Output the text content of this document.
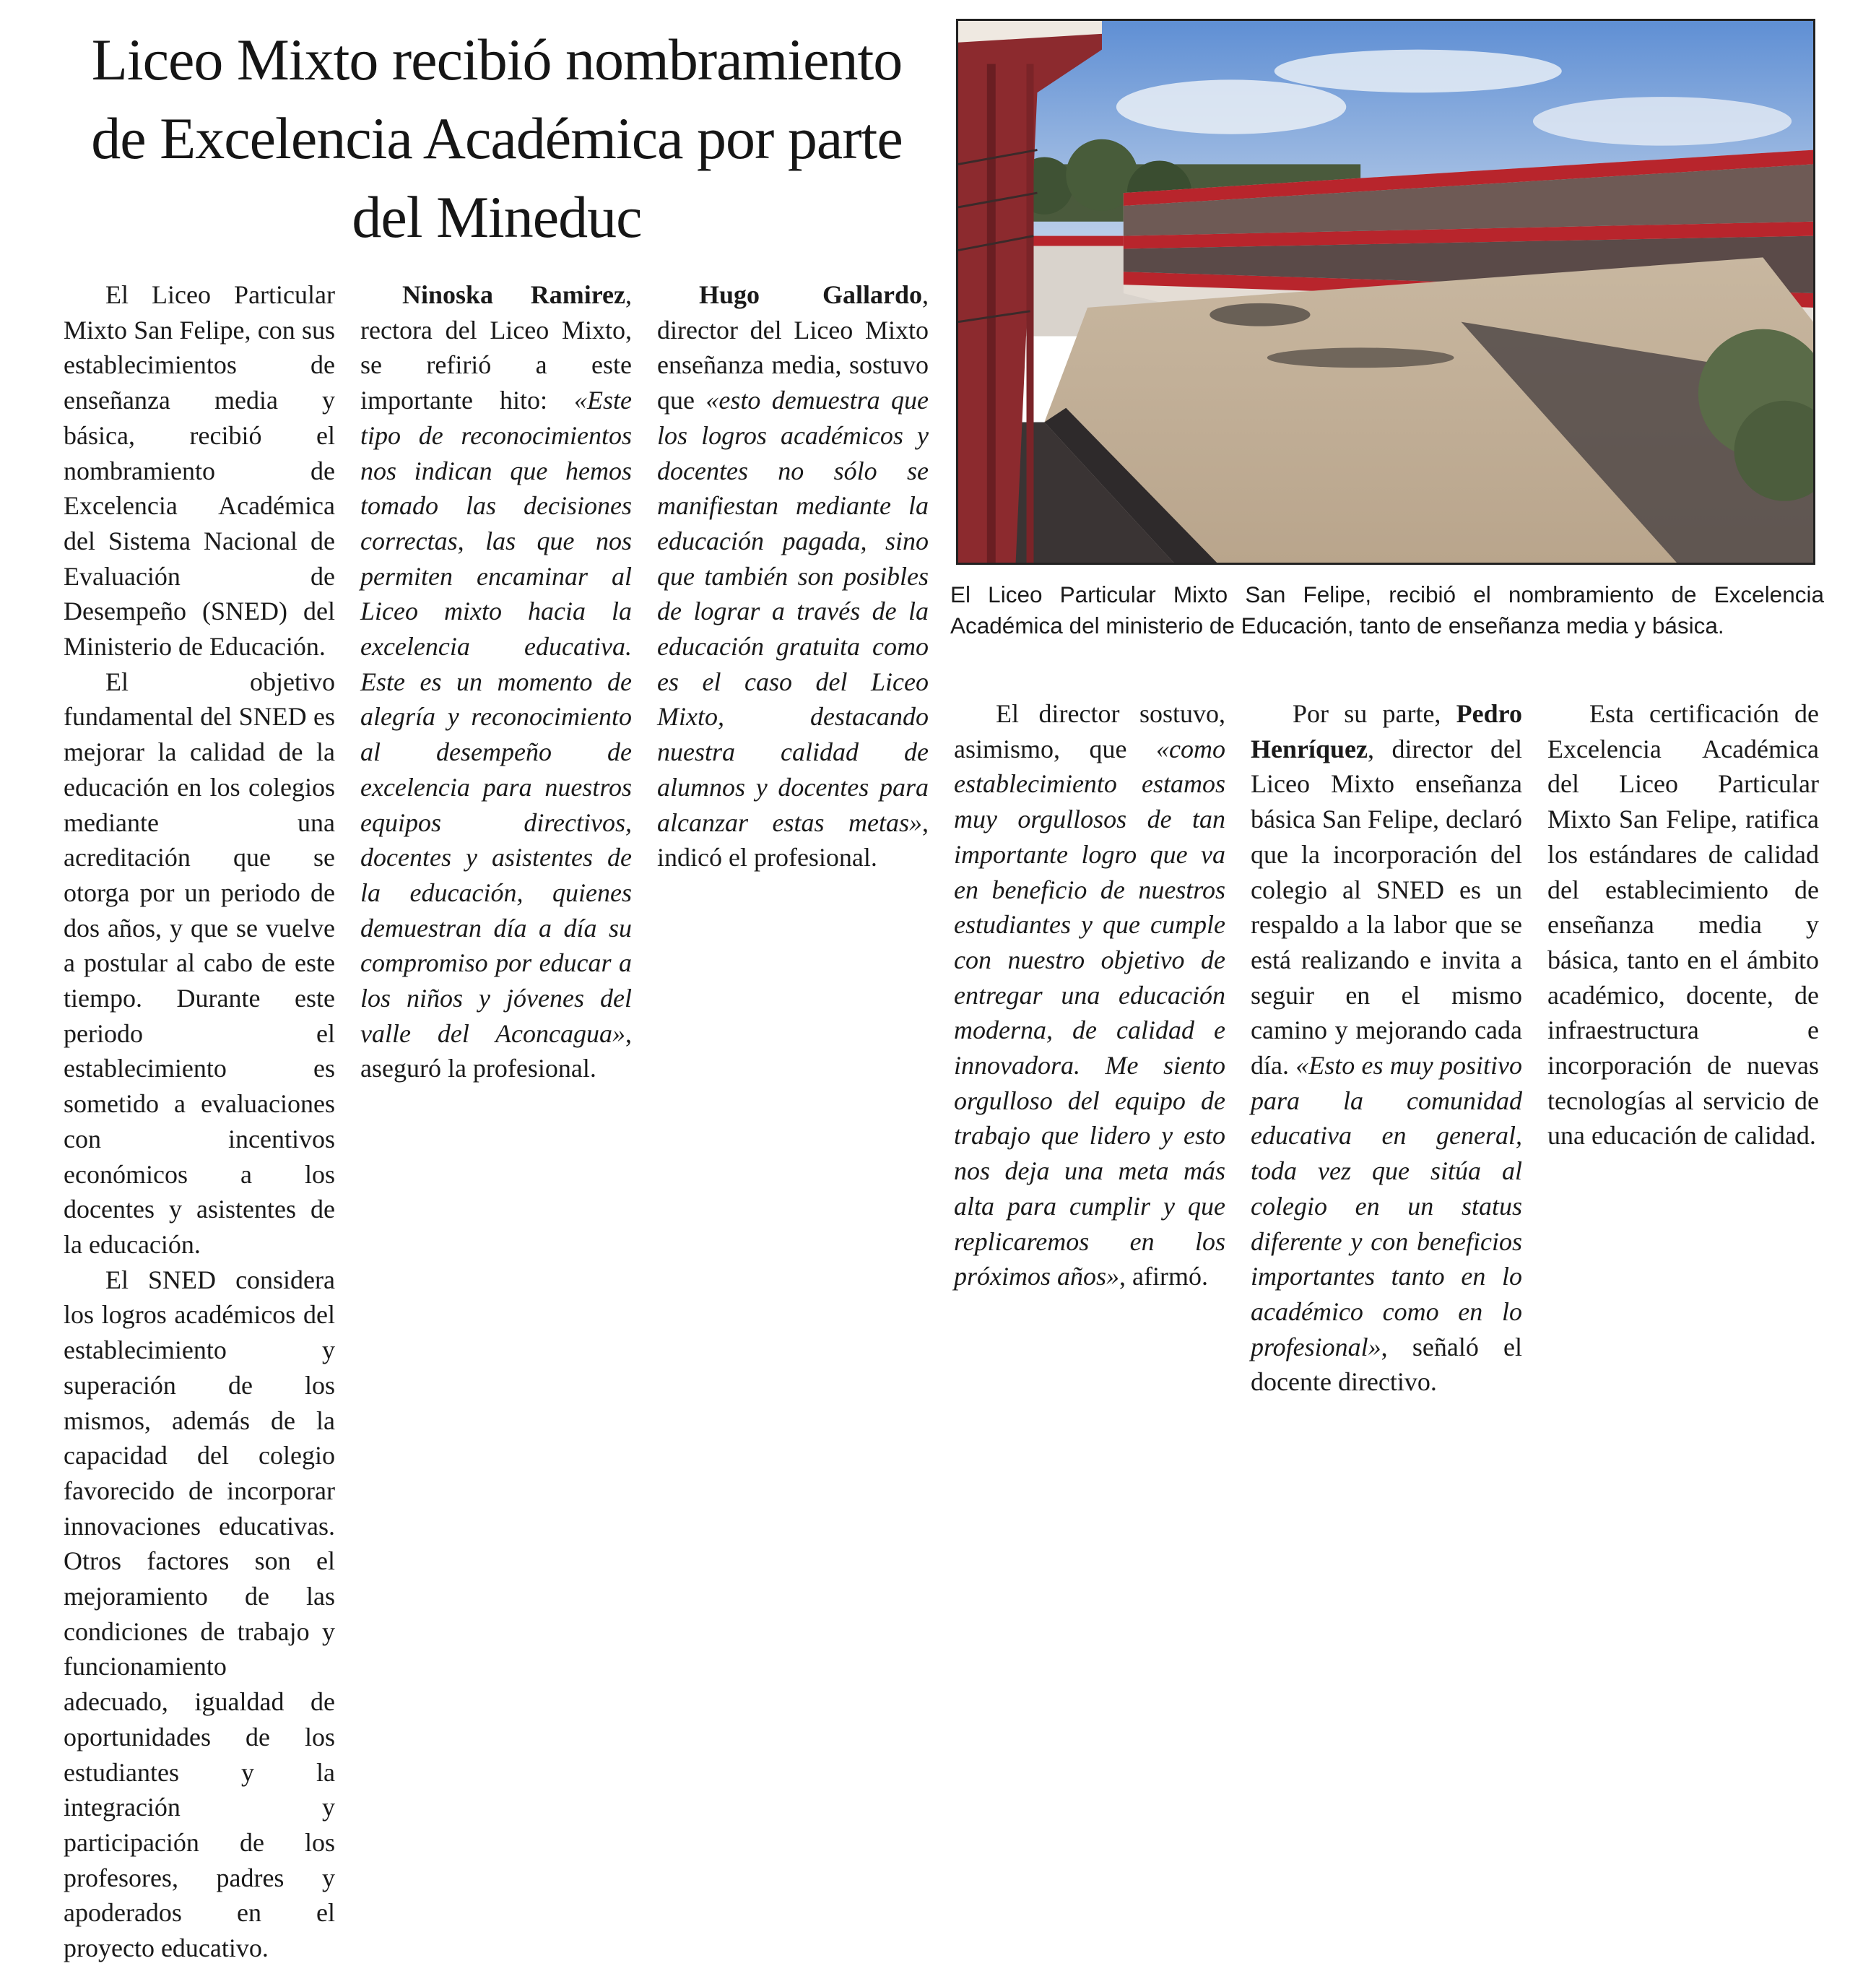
Liceo Mixto recibió nombramiento de Excelencia Académica por parte del Mineduc
El Liceo Particular Mixto San Felipe, recibió el nombramiento de Excelencia Académica del ministerio de Educación, tanto de enseñanza media y básica.

El Liceo Particular Mixto San Felipe, con sus establecimientos de enseñanza media y básica, recibió el nombramiento de Excelencia Académica del Sistema Nacional de Evaluación de Desempeño (SNED) del Ministerio de Educación.

El objetivo fundamental del SNED es mejorar la calidad de la educación en los colegios mediante una acreditación que se otorga por un periodo de dos años, y que se vuelve a postular al cabo de este tiempo. Durante este periodo el establecimiento es sometido a evaluaciones con incentivos económicos a los docentes y asistentes de la educación.

El SNED considera los logros académicos del establecimiento y superación de los mismos, además de la capacidad del colegio favorecido de incorporar innovaciones educativas. Otros factores son el mejoramiento de las condiciones de trabajo y funcionamiento adecuado, igualdad de oportunidades de los estudiantes y la integración y participación de los profesores, padres y apoderados en el proyecto educativo.

Ninoska Ramirez, rectora del Liceo Mixto, se refirió a este importante hito: «Este tipo de reconocimientos nos indican que hemos tomado las decisiones correctas, las que nos permiten encaminar al Liceo mixto hacia la excelencia educativa. Este es un momento de alegría y reconocimiento al desempeño de excelencia para nuestros equipos directivos, docentes y asistentes de la educación, quienes demuestran día a día su compromiso por educar a los niños y jóvenes del valle del Aconcagua», aseguró la profesional.

Hugo Gallardo, director del Liceo Mixto enseñanza media, sostuvo que «esto demuestra que los logros académicos y docentes no sólo se manifiestan mediante la educación pagada, sino que también son posibles de lograr a través de la educación gratuita como es el caso del Liceo Mixto, destacando nuestra calidad de alumnos y docentes para alcanzar estas metas», indicó el profesional.

El director sostuvo, asimismo, que «como establecimiento estamos muy orgullosos de tan importante logro que va en beneficio de nuestros estudiantes y que cumple con nuestro objetivo de entregar una educación moderna, de calidad e innovadora. Me siento orgulloso del equipo de trabajo que lidero y esto nos deja una meta más alta para cumplir y que replicaremos en los próximos años», afirmó.

Por su parte, Pedro Henríquez, director del Liceo Mixto enseñanza básica San Felipe, declaró que la incorporación del colegio al SNED es un respaldo a la labor que se está realizando e invita a seguir en el mismo camino y mejorando cada día. «Esto es muy positivo para la comunidad educativa en general, toda vez que sitúa al colegio en un status diferente y con beneficios importantes tanto en lo académico como en lo profesional», señaló el docente directivo.

Esta certificación de Excelencia Académica del Liceo Particular Mixto San Felipe, ratifica los estándares de calidad del establecimiento de enseñanza media y básica, tanto en el ámbito académico, docente, de infraestructura e incorporación de nuevas tecnologías al servicio de una educación de calidad.
